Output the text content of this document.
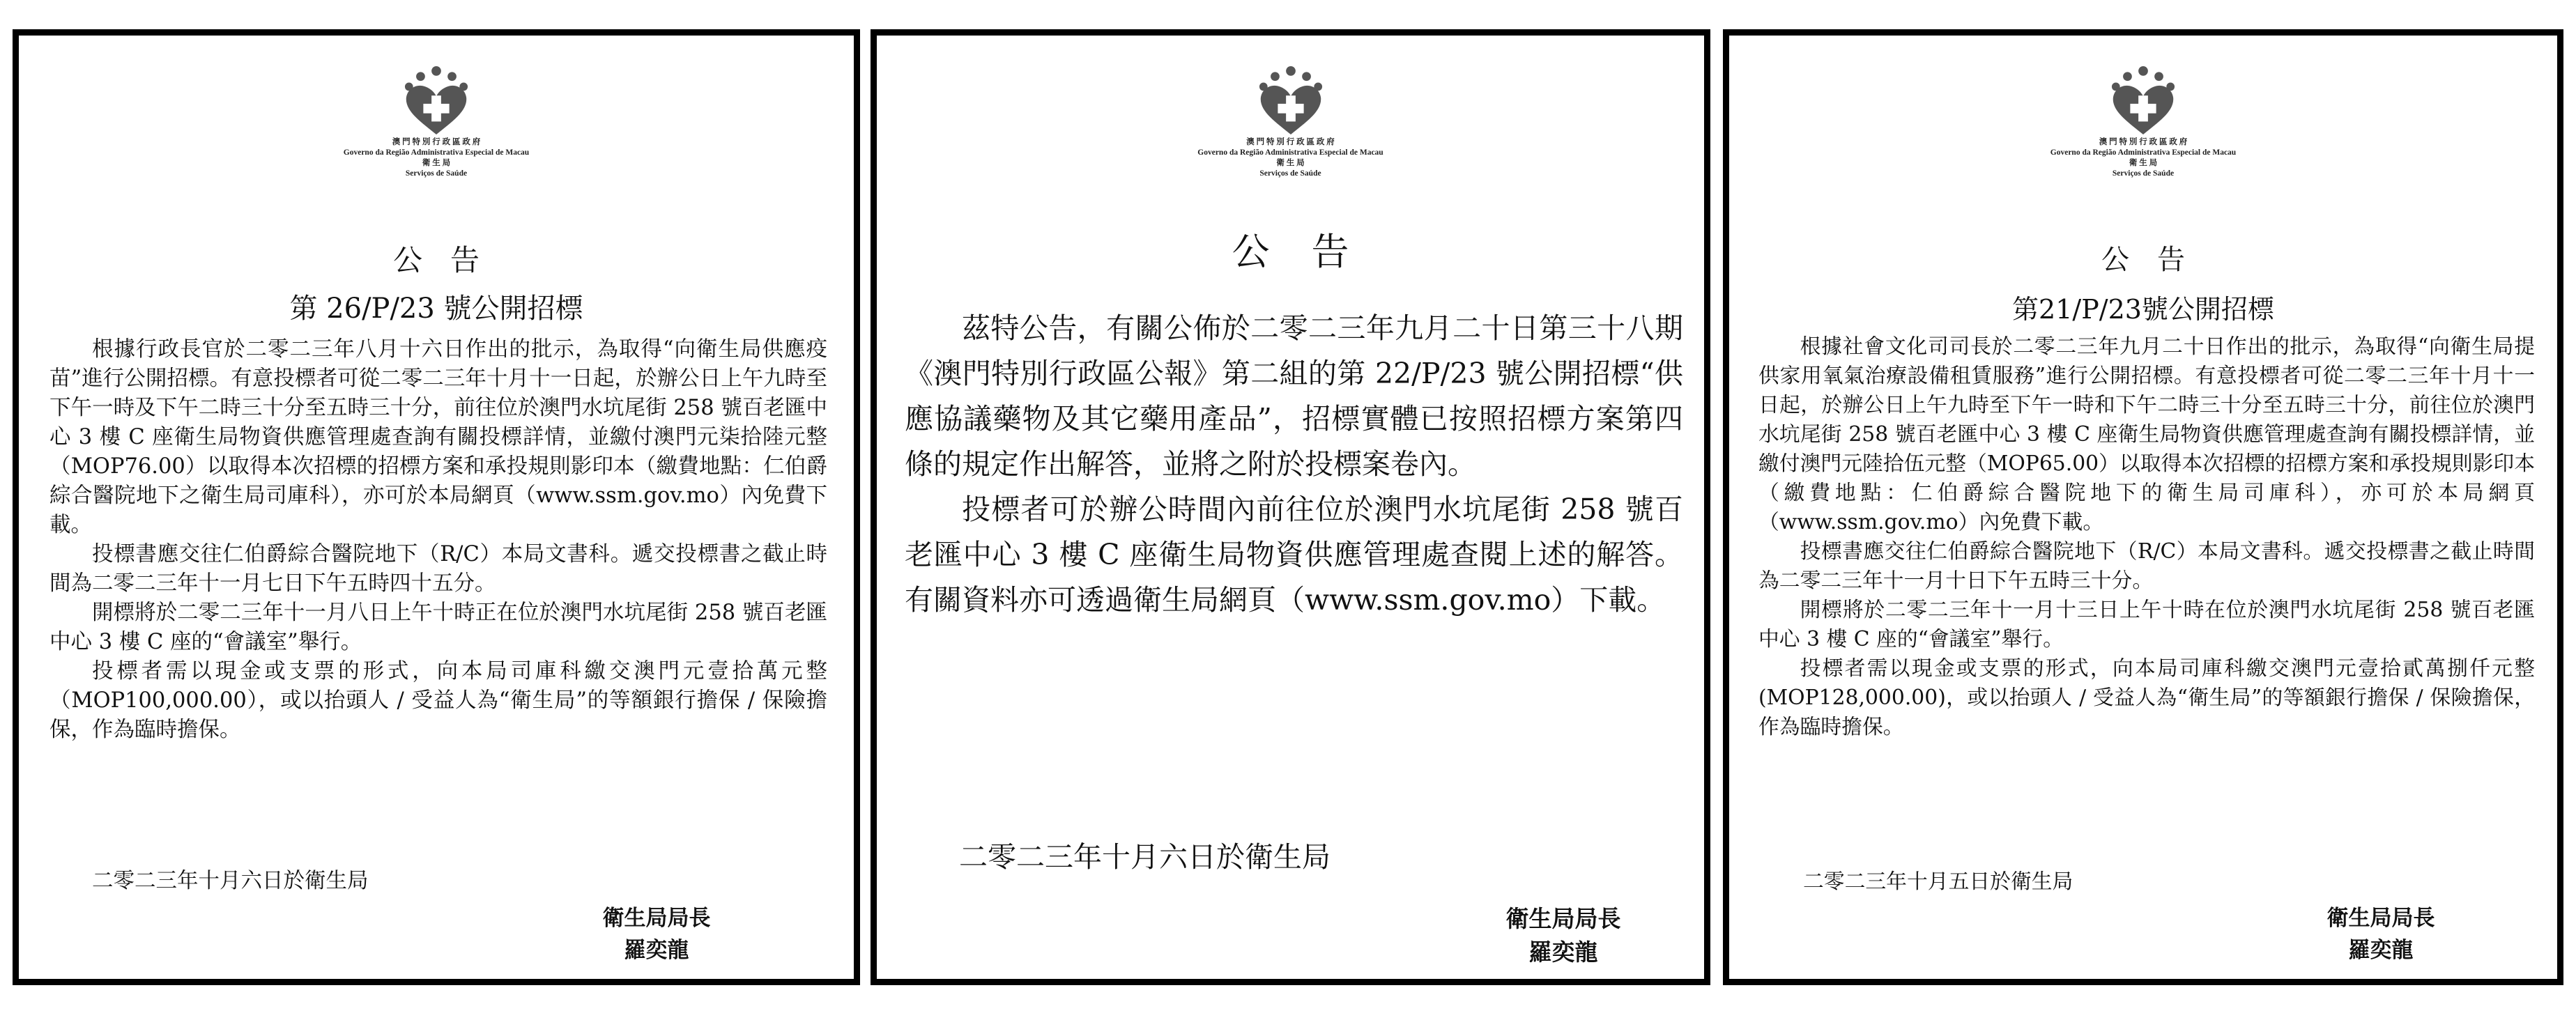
澳 門 特 別 行 政 區 政 府
Governo da Região Administrativa Especial de Macau
衛 生 局
Serviços de Saúde
公告
第 26/P/23 號公開招標

根據行政長官於二零二三年八月十六日作出的批示，為取得“向衛生局供應疫苗”進行公開招標。有意投標者可從二零二三年十月十一日起，於辦公日上午九時至下午一時及下午二時三十分至五時三十分，前往位於澳門水坑尾街 258 號百老匯中心 3 樓 C 座衛生局物資供應管理處查詢有關投標詳情，並繳付澳門元柒拾陸元整（MOP76.00）以取得本次招標的招標方案和承投規則影印本（繳費地點：仁伯爵綜合醫院地下之衛生局司庫科），亦可於本局網頁（www.ssm.gov.mo）內免費下載。

投標書應交往仁伯爵綜合醫院地下（R/C）本局文書科。遞交投標書之截止時間為二零二三年十一月七日下午五時四十五分。

開標將於二零二三年十一月八日上午十時正在位於澳門水坑尾街 258 號百老匯中心 3 樓 C 座的“會議室”舉行。

投標者需以現金或支票的形式，向本局司庫科繳交澳門元壹拾萬元整（MOP100,000.00），或以抬頭人 / 受益人為“衛生局”的等額銀行擔保 / 保險擔保，作為臨時擔保。

二零二三年十月六日於衛生局
衛生局局長
羅奕龍
澳 門 特 別 行 政 區 政 府
Governo da Região Administrativa Especial de Macau
衛 生 局
Serviços de Saúde
公告

茲特公告，有關公佈於二零二三年九月二十日第三十八期《澳門特別行政區公報》第二組的第 22/P/23 號公開招標“供應協議藥物及其它藥用產品”，招標實體已按照招標方案第四條的規定作出解答，並將之附於投標案卷內。

投標者可於辦公時間內前往位於澳門水坑尾街 258 號百老匯中心 3 樓 C 座衛生局物資供應管理處查閱上述的解答。有關資料亦可透過衛生局網頁（www.ssm.gov.mo）下載。

二零二三年十月六日於衛生局
衛生局局長
羅奕龍
澳 門 特 別 行 政 區 政 府
Governo da Região Administrativa Especial de Macau
衛 生 局
Serviços de Saúde
公告
第21/P/23號公開招標

根據社會文化司司長於二零二三年九月二十日作出的批示，為取得“向衛生局提供家用氧氣治療設備租賃服務”進行公開招標。有意投標者可從二零二三年十月十一日起，於辦公日上午九時至下午一時和下午二時三十分至五時三十分，前往位於澳門水坑尾街 258 號百老匯中心 3 樓 C 座衛生局物資供應管理處查詢有關投標詳情，並繳付澳門元陸拾伍元整（MOP65.00）以取得本次招標的招標方案和承投規則影印本（繳費地點：仁伯爵綜合醫院地下的衛生局司庫科），亦可於本局網頁（www.ssm.gov.mo）內免費下載。

投標書應交往仁伯爵綜合醫院地下（R/C）本局文書科。遞交投標書之截止時間為二零二三年十一月十日下午五時三十分。

開標將於二零二三年十一月十三日上午十時在位於澳門水坑尾街 258 號百老匯中心 3 樓 C 座的“會議室”舉行。

投標者需以現金或支票的形式，向本局司庫科繳交澳門元壹拾貳萬捌仟元整 (MOP128,000.00)，或以抬頭人 / 受益人為“衛生局”的等額銀行擔保 / 保險擔保，作為臨時擔保。

二零二三年十月五日於衛生局
衛生局局長
羅奕龍
